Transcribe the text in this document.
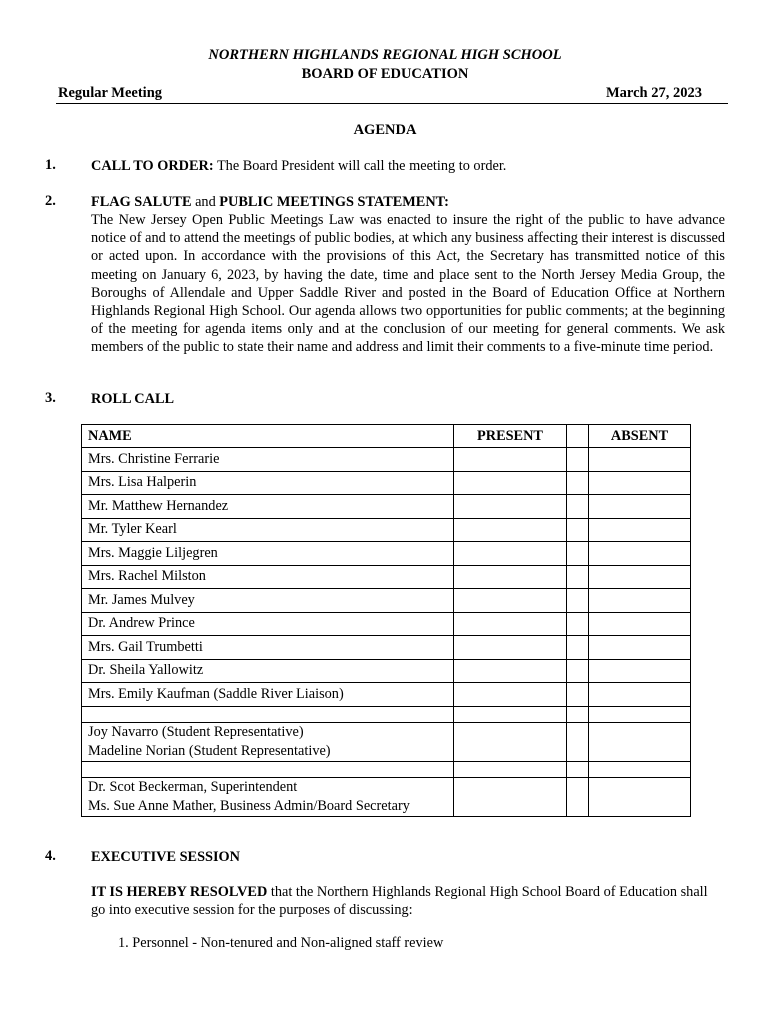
NORTHERN HIGHLANDS REGIONAL HIGH SCHOOL
BOARD OF EDUCATION
Regular Meeting	March 27, 2023
AGENDA
1. CALL TO ORDER: The Board President will call the meeting to order.
2. FLAG SALUTE and PUBLIC MEETINGS STATEMENT:
The New Jersey Open Public Meetings Law was enacted to insure the right of the public to have advance notice of and to attend the meetings of public bodies, at which any business affecting their interest is discussed or acted upon. In accordance with the provisions of this Act, the Secretary has transmitted notice of this meeting on January 6, 2023, by having the date, time and place sent to the North Jersey Media Group, the Boroughs of Allendale and Upper Saddle River and posted in the Board of Education Office at Northern Highlands Regional High School. Our agenda allows two opportunities for public comments; at the beginning of the meeting for agenda items only and at the conclusion of our meeting for general comments. We ask members of the public to state their name and address and limit their comments to a five-minute time period.
3. ROLL CALL
NAME	PRESENT		ABSENT
Mrs. Christine Ferrarie			
Mrs. Lisa Halperin			
Mr. Matthew Hernandez			
Mr. Tyler Kearl			
Mrs. Maggie Liljegren			
Mrs. Rachel Milston			
Mr. James Mulvey			
Dr. Andrew Prince			
Mrs. Gail Trumbetti			
Dr. Sheila Yallowitz			
Mrs. Emily Kaufman (Saddle River Liaison)			

Joy Navarro (Student Representative)
Madeline Norian (Student Representative)			

Dr. Scot Beckerman, Superintendent
Ms. Sue Anne Mather, Business Admin/Board Secretary			

4. EXECUTIVE SESSION
IT IS HEREBY RESOLVED that the Northern Highlands Regional High School Board of Education shall go into executive session for the purposes of discussing:
1. Personnel - Non-tenured and Non-aligned staff review
